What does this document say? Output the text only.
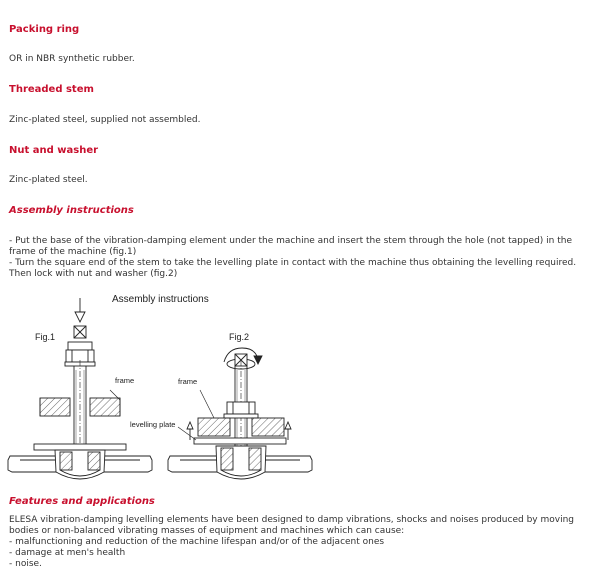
Packing ring

OR in NBR synthetic rubber.

Threaded stem

Zinc-plated steel, supplied not assembled.

Nut and washer

Zinc-plated steel.

Assembly instructions
- Put the base of the vibration-damping element under the machine and insert the stem through the hole (not tapped) in the
frame of the machine (fig.1)
- Turn the square end of the stem to take the levelling plate in contact with the machine thus obtaining the levelling required.
Then lock with nut and washer (fig.2)
Assembly instructions
Fig.1	Fig.2
frame	frame
levelling plate
Features and applications
ELESA vibration-damping levelling elements have been designed to damp vibrations, shocks and noises produced by moving
bodies or non-balanced vibrating masses of equipment and machines which can cause:
- malfunctioning and reduction of the machine lifespan and/or of the adjacent ones
- damage at men's health
- noise.
